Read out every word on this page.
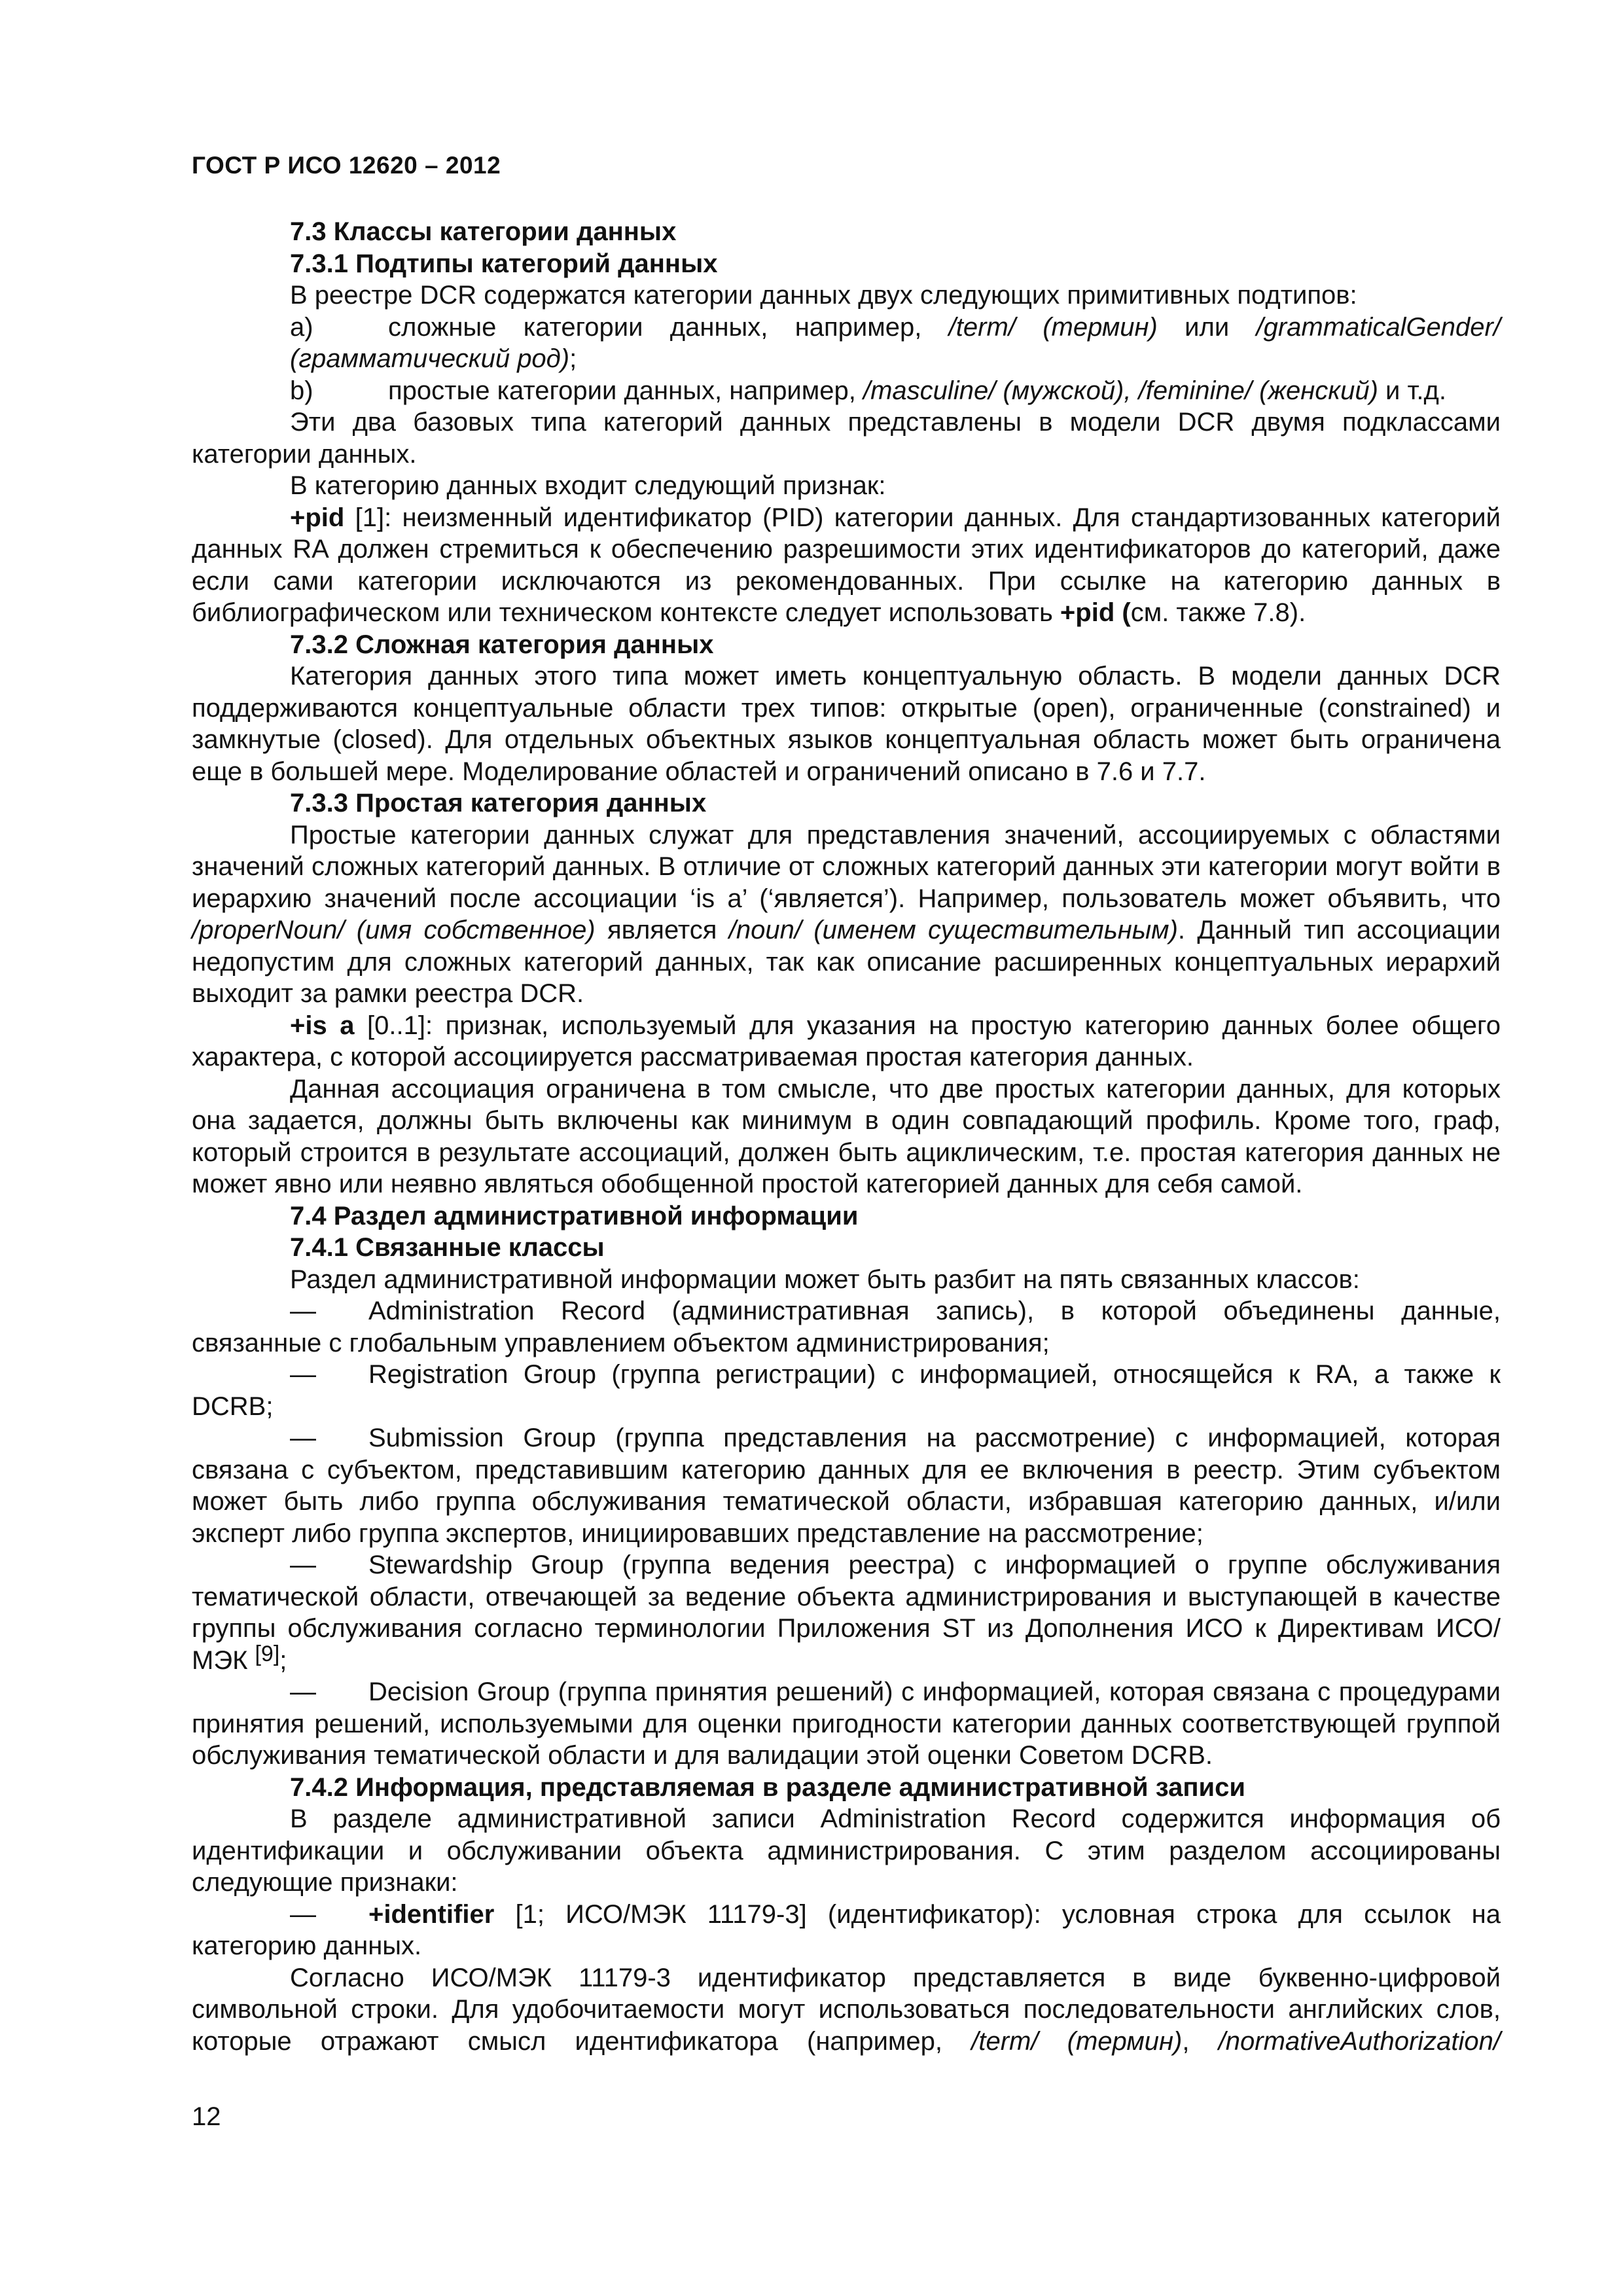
ГОСТ Р ИСО 12620 – 2012

7.3 Классы категории данных

7.3.1 Подтипы категорий данных

В реестре DCR содержатся категории данных двух следующих примитивных подтипов:

a)	сложные категории данных, например, /term/ (термин) или /grammaticalGender/ (грамматический род);

b)	простые категории данных, например, /masculine/ (мужской), /feminine/ (женский) и т.д.

Эти два базовых типа категорий данных представлены в модели DCR двумя подклассами категории данных.

В категорию данных входит следующий признак:

+pid [1]: неизменный идентификатор (PID) категории данных. Для стандартизованных категорий данных RA должен стремиться к обеспечению разрешимости этих идентификаторов до категорий, даже если сами категории исключаются из рекомендованных. При ссылке на категорию данных в библиографическом или техническом контексте следует использовать +pid (см. также 7.8).

7.3.2 Сложная категория данных

Категория данных этого типа может иметь концептуальную область. В модели данных DCR поддерживаются концептуальные области трех типов: открытые (open), ограниченные (constrained) и замкнутые (closed). Для отдельных объектных языков концептуальная область может быть ограничена еще в большей мере. Моделирование областей и ограничений описано в 7.6 и 7.7.

7.3.3 Простая категория данных

Простые категории данных служат для представления значений, ассоциируемых с областями значений сложных категорий данных. В отличие от сложных категорий данных эти категории могут войти в иерархию значений после ассоциации ‘is a’ (‘является’). Например, пользователь может объявить, что /properNoun/ (имя собственное) является /noun/ (именем существительным). Данный тип ассоциации недопустим для сложных категорий данных, так как описание расширенных концептуальных иерархий выходит за рамки реестра DCR.

+is a [0..1]: признак, используемый для указания на простую категорию данных более общего характера, с которой ассоциируется рассматриваемая простая категория данных.

Данная ассоциация ограничена в том смысле, что две простых категории данных, для которых она задается, должны быть включены как минимум в один совпадающий профиль. Кроме того, граф, который строится в результате ассоциаций, должен быть ациклическим, т.е. простая категория данных не может явно или неявно являться обобщенной простой категорией данных для себя самой.

7.4 Раздел административной информации

7.4.1 Связанные классы

Раздел административной информации может быть разбит на пять связанных классов:

— Administration Record (административная запись), в которой объединены данные, связанные с глобальным управлением объектом администрирования;

— Registration Group (группа регистрации) с информацией, относящейся к RA, а также к DCRB;

— Submission Group (группа представления на рассмотрение) с информацией, которая связана с субъектом, представившим категорию данных для ее включения в реестр. Этим субъектом может быть либо группа обслуживания тематической области, избравшая категорию данных, и/или эксперт либо группа экспертов, инициировавших представление на рассмотрение;

— Stewardship Group (группа ведения реестра) с информацией о группе обслуживания тематической области, отвечающей за ведение объекта администрирования и выступающей в качестве группы обслуживания согласно терминологии Приложения ST из Дополнения ИСО к Директивам ИСО/МЭК [9];

— Decision Group (группа принятия решений) с информацией, которая связана с процедурами принятия решений, используемыми для оценки пригодности категории данных соответствующей группой обслуживания тематической области и для валидации этой оценки Советом DCRB.

7.4.2 Информация, представляемая в разделе административной записи

В разделе административной записи Administration Record содержится информация об идентификации и обслуживании объекта администрирования. С этим разделом ассоциированы следующие признаки:

— +identifier [1; ИСО/МЭК 11179-3] (идентификатор): условная строка для ссылок на категорию данных.

Согласно ИСО/МЭК 11179-3 идентификатор представляется в виде буквенно-цифровой символьной строки. Для удобочитаемости могут использоваться последовательности английских слов, которые отражают смысл идентификатора (например, /term/ (термин), /normativeAuthorization/

12
